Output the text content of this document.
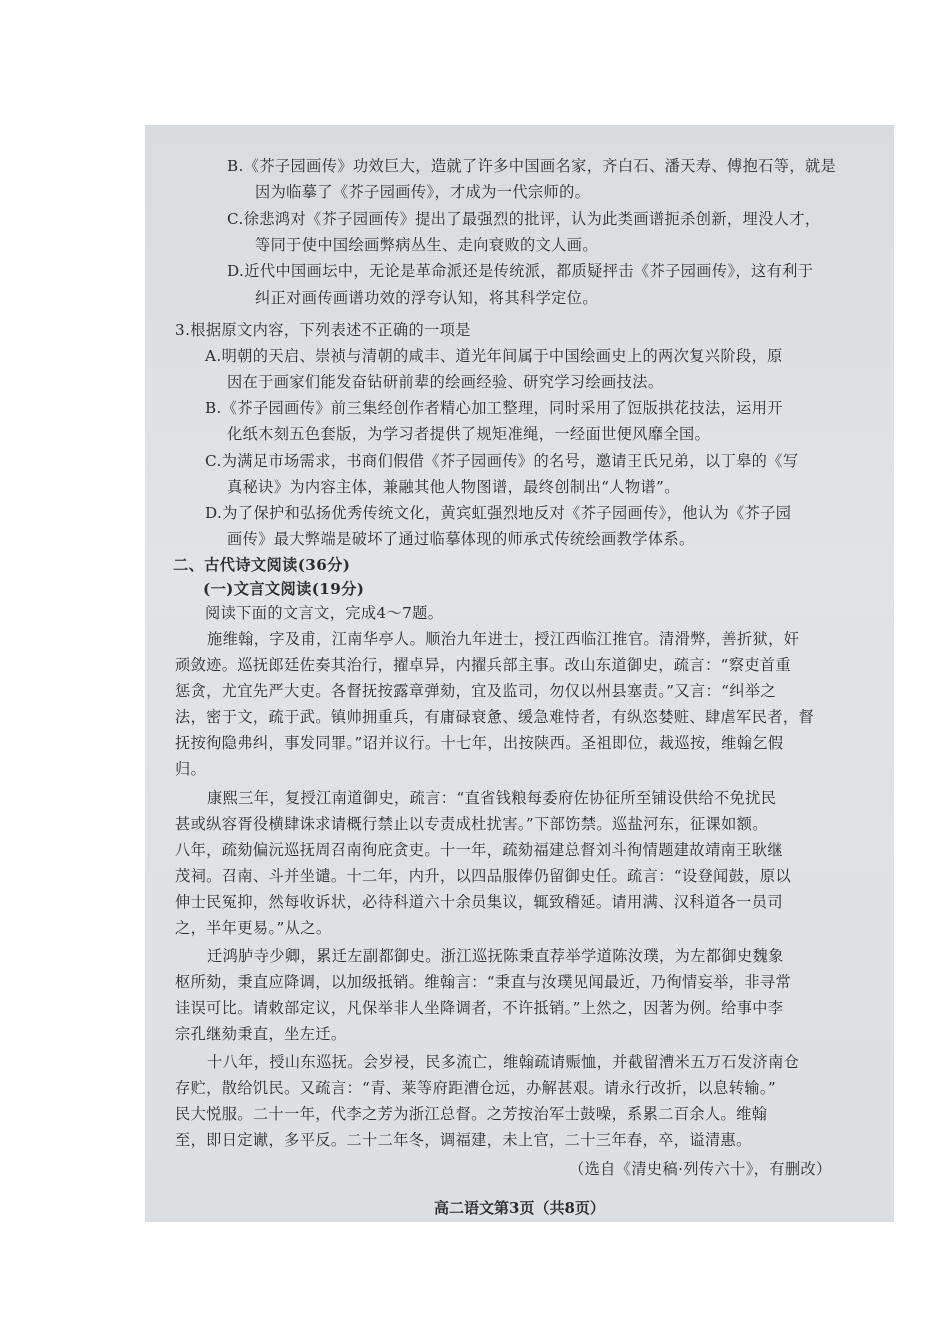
B.《芥子园画传》功效巨大，造就了许多中国画名家，齐白石、潘天寿、傅抱石等，就是
因为临摹了《芥子园画传》，才成为一代宗师的。
C.徐悲鸿对《芥子园画传》提出了最强烈的批评，认为此类画谱扼杀创新，埋没人才，
等同于使中国绘画弊病丛生、走向衰败的文人画。
D.近代中国画坛中，无论是革命派还是传统派，都质疑抨击《芥子园画传》，这有利于
纠正对画传画谱功效的浮夸认知，将其科学定位。
3.根据原文内容，下列表述不正确的一项是
A.明朝的天启、崇祯与清朝的咸丰、道光年间属于中国绘画史上的两次复兴阶段，原
因在于画家们能发奋钻研前辈的绘画经验、研究学习绘画技法。
B.《芥子园画传》前三集经创作者精心加工整理，同时采用了饾版拱花技法，运用开
化纸木刻五色套版，为学习者提供了规矩准绳，一经面世便风靡全国。
C.为满足市场需求，书商们假借《芥子园画传》的名号，邀请王氏兄弟，以丁皋的《写
真秘诀》为内容主体，兼融其他人物图谱，最终创制出“人物谱”。
D.为了保护和弘扬优秀传统文化，黄宾虹强烈地反对《芥子园画传》，他认为《芥子园
画传》最大弊端是破坏了通过临摹体现的师承式传统绘画教学体系。
二、古代诗文阅读(36分)
(一)文言文阅读(19分)
阅读下面的文言文，完成4～7题。
施维翰，字及甫，江南华亭人。顺治九年进士，授江西临江推官。清滑弊，善折狱，奸
顽敛迹。巡抚郎廷佐奏其治行，擢卓异，内擢兵部主事。改山东道御史，疏言：“察吏首重
惩贪，尤宜先严大吏。各督抚按露章弹劾，宜及监司，勿仅以州县塞责。”又言：“纠举之
法，密于文，疏于武。镇帅拥重兵，有庸碌衰惫、缓急难恃者，有纵恣婪赃、肆虐军民者，督
抚按徇隐弗纠，事发同罪。”诏并议行。十七年，出按陕西。圣祖即位，裁巡按，维翰乞假
归。
康熙三年，复授江南道御史，疏言：“直省钱粮每委府佐协征所至铺设供给不免扰民
甚或纵容胥役横肆诛求请概行禁止以专责成杜扰害。”下部饬禁。巡盐河东，征课如额。
八年，疏劾偏沅巡抚周召南徇庇贪吏。十一年，疏劾福建总督刘斗徇情题建故靖南王耿继
茂祠。召南、斗并坐谴。十二年，内升，以四品服俸仍留御史任。疏言：“设登闻鼓，原以
伸士民冤抑，然每收诉状，必待科道六十余员集议，辄致稽延。请用满、汉科道各一员司
之，半年更易。”从之。
迁鸿胪寺少卿，累迁左副都御史。浙江巡抚陈秉直荐举学道陈汝璞，为左都御史魏象
枢所劾，秉直应降调，以加级抵销。维翰言：“秉直与汝璞见闻最近，乃徇情妄举，非寻常
诖误可比。请敕部定议，凡保举非人坐降调者，不许抵销。”上然之，因著为例。给事中李
宗孔继劾秉直，坐左迁。
十八年，授山东巡抚。会岁祲，民多流亡，维翰疏请赈恤，并截留漕米五万石发济南仓
存贮，散给饥民。又疏言：“青、莱等府距漕仓远，办解甚艰。请永行改折，以息转输。”
民大悦服。二十一年，代李之芳为浙江总督。之芳按治军士鼓噪，系累二百余人。维翰
至，即日定谳，多平反。二十二年冬，调福建，未上官，二十三年春，卒，谥清惠。
（选自《清史稿·列传六十》，有删改）
高二语文第3页（共8页）
